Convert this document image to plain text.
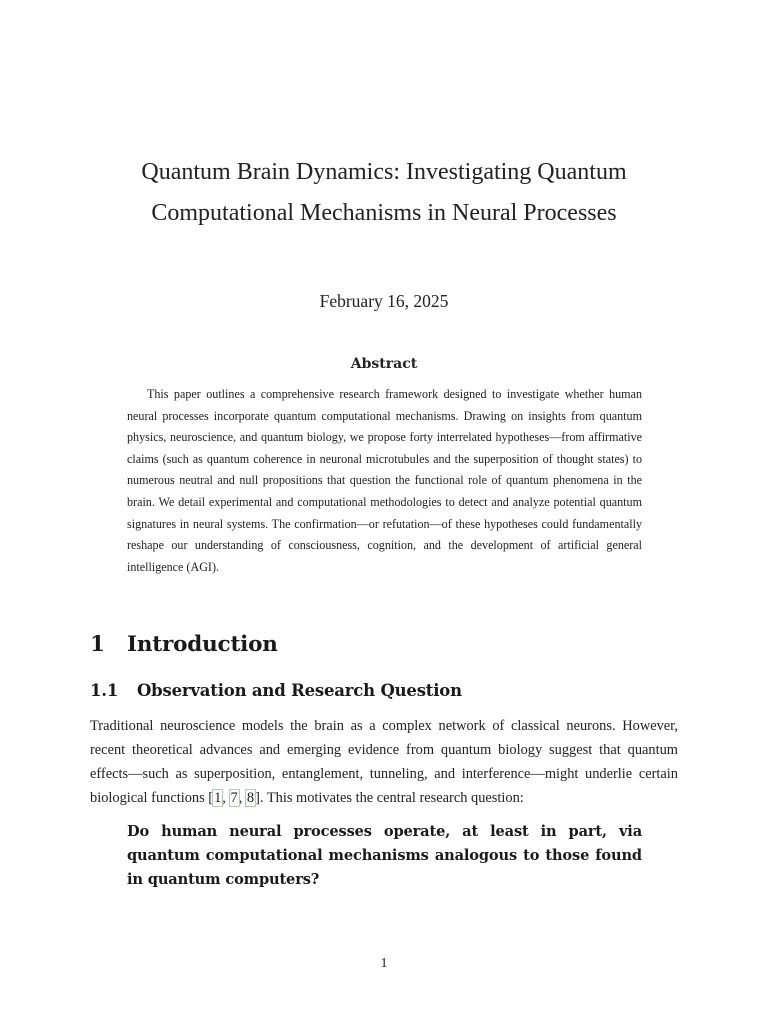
Quantum Brain Dynamics: Investigating Quantum
Computational Mechanisms in Neural Processes
February 16, 2025
Abstract

This paper outlines a comprehensive research framework designed to investigate whether human neural processes incorporate quantum computational mechanisms. Drawing on insights from quantum physics, neuroscience, and quantum biology, we propose forty interrelated hypotheses—from affirmative claims (such as quantum coherence in neuronal microtubules and the superposition of thought states) to numerous neutral and null propositions that question the functional role of quantum phenomena in the brain. We detail experimental and computational methodologies to detect and analyze potential quantum signatures in neural systems. The confirmation—or refutation—of these hypotheses could fundamentally reshape our understanding of consciousness, cognition, and the development of artificial general intelligence (AGI).

1 Introduction
1.1 Observation and Research Question

Traditional neuroscience models the brain as a complex network of classical neurons. However, recent theoretical advances and emerging evidence from quantum biology suggest that quantum effects—such as superposition, entanglement, tunneling, and interference—might underlie certain biological functions [1, 7, 8]. This motivates the central research question:

Do human neural processes operate, at least in part, via quantum computational mechanisms analogous to those found in quantum computers?

1
